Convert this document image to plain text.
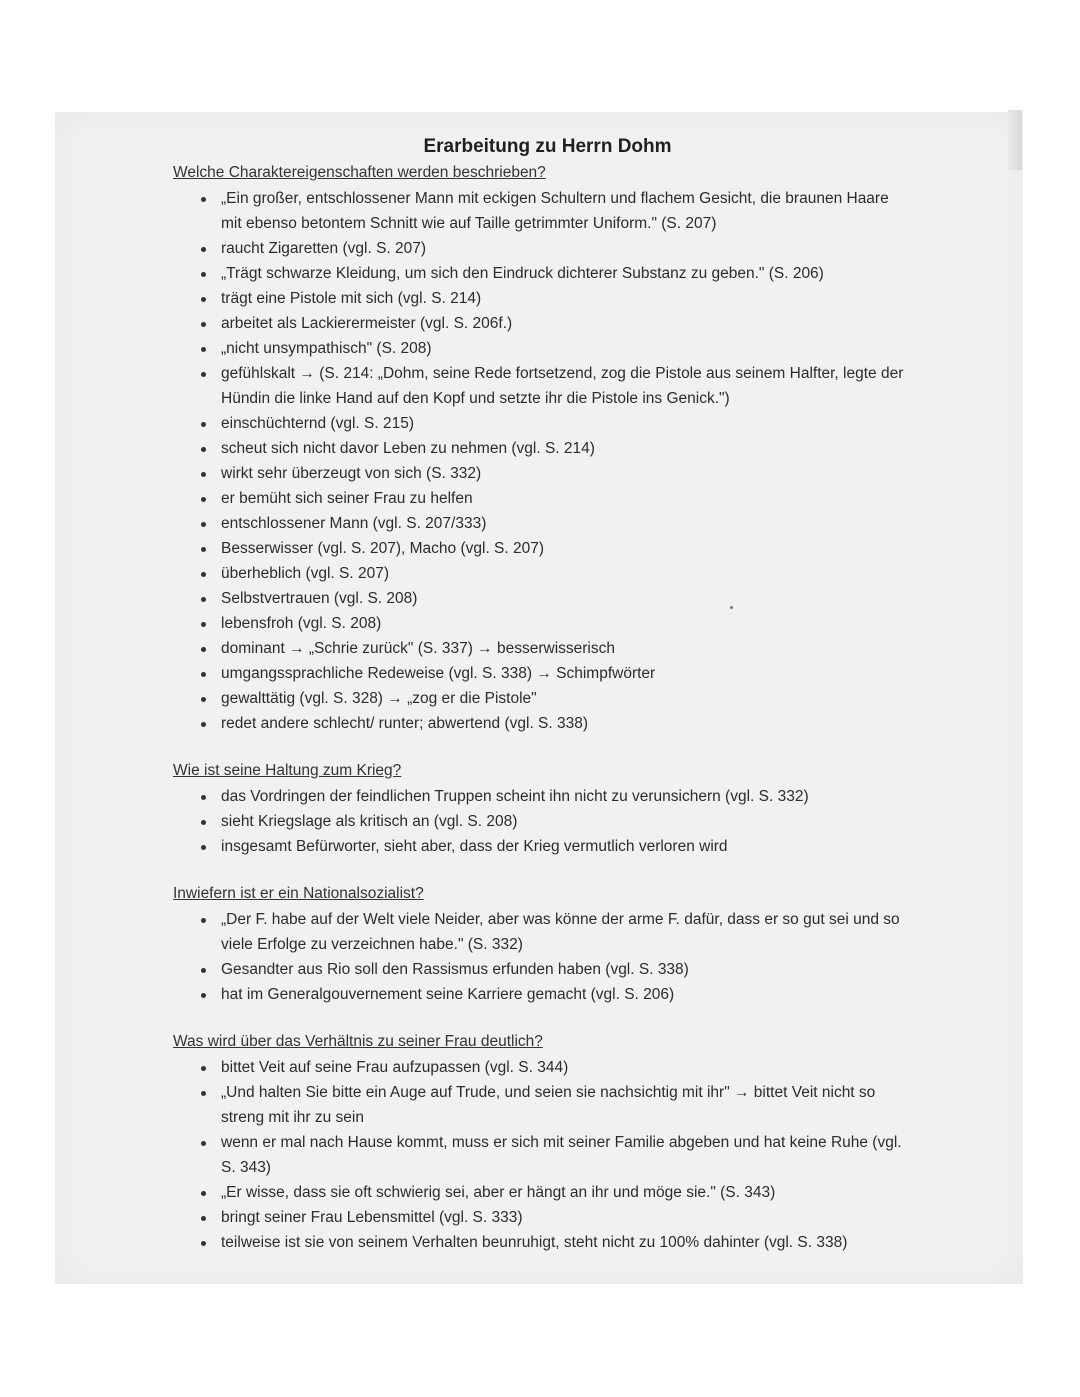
Erarbeitung zu Herrn Dohm
Welche Charaktereigenschaften werden beschrieben?
„Ein großer, entschlossener Mann mit eckigen Schultern und flachem Gesicht, die braunen Haare mit ebenso betontem Schnitt wie auf Taille getrimmter Uniform." (S. 207)
raucht Zigaretten (vgl. S. 207)
„Trägt schwarze Kleidung, um sich den Eindruck dichterer Substanz zu geben." (S. 206)
trägt eine Pistole mit sich (vgl. S. 214)
arbeitet als Lackierermeister (vgl. S. 206f.)
„nicht unsympathisch" (S. 208)
gefühlskalt → (S. 214: „Dohm, seine Rede fortsetzend, zog die Pistole aus seinem Halfter, legte der Hündin die linke Hand auf den Kopf und setzte ihr die Pistole ins Genick.")
einschüchternd (vgl. S. 215)
scheut sich nicht davor Leben zu nehmen (vgl. S. 214)
wirkt sehr überzeugt von sich (S. 332)
er bemüht sich seiner Frau zu helfen
entschlossener Mann (vgl. S. 207/333)
Besserwisser (vgl. S. 207), Macho (vgl. S. 207)
überheblich (vgl. S. 207)
Selbstvertrauen (vgl. S. 208)
lebensfroh (vgl. S. 208)
dominant → „Schrie zurück" (S. 337) → besserwisserisch
umgangssprachliche Redeweise (vgl. S. 338) → Schimpfwörter
gewalttätig (vgl. S. 328) → „zog er die Pistole"
redet andere schlecht/ runter; abwertend (vgl. S. 338)
Wie ist seine Haltung zum Krieg?
das Vordringen der feindlichen Truppen scheint ihn nicht zu verunsichern (vgl. S. 332)
sieht Kriegslage als kritisch an (vgl. S. 208)
insgesamt Befürworter, sieht aber, dass der Krieg vermutlich verloren wird
Inwiefern ist er ein Nationalsozialist?
„Der F. habe auf der Welt viele Neider, aber was könne der arme F. dafür, dass er so gut sei und so viele Erfolge zu verzeichnen habe." (S. 332)
Gesandter aus Rio soll den Rassismus erfunden haben (vgl. S. 338)
hat im Generalgouvernement seine Karriere gemacht (vgl. S. 206)
Was wird über das Verhältnis zu seiner Frau deutlich?
bittet Veit auf seine Frau aufzupassen (vgl. S. 344)
„Und halten Sie bitte ein Auge auf Trude, und seien sie nachsichtig mit ihr" → bittet Veit nicht so streng mit ihr zu sein
wenn er mal nach Hause kommt, muss er sich mit seiner Familie abgeben und hat keine Ruhe (vgl. S. 343)
„Er wisse, dass sie oft schwierig sei, aber er hängt an ihr und möge sie." (S. 343)
bringt seiner Frau Lebensmittel (vgl. S. 333)
teilweise ist sie von seinem Verhalten beunruhigt, steht nicht zu 100% dahinter (vgl. S. 338)
